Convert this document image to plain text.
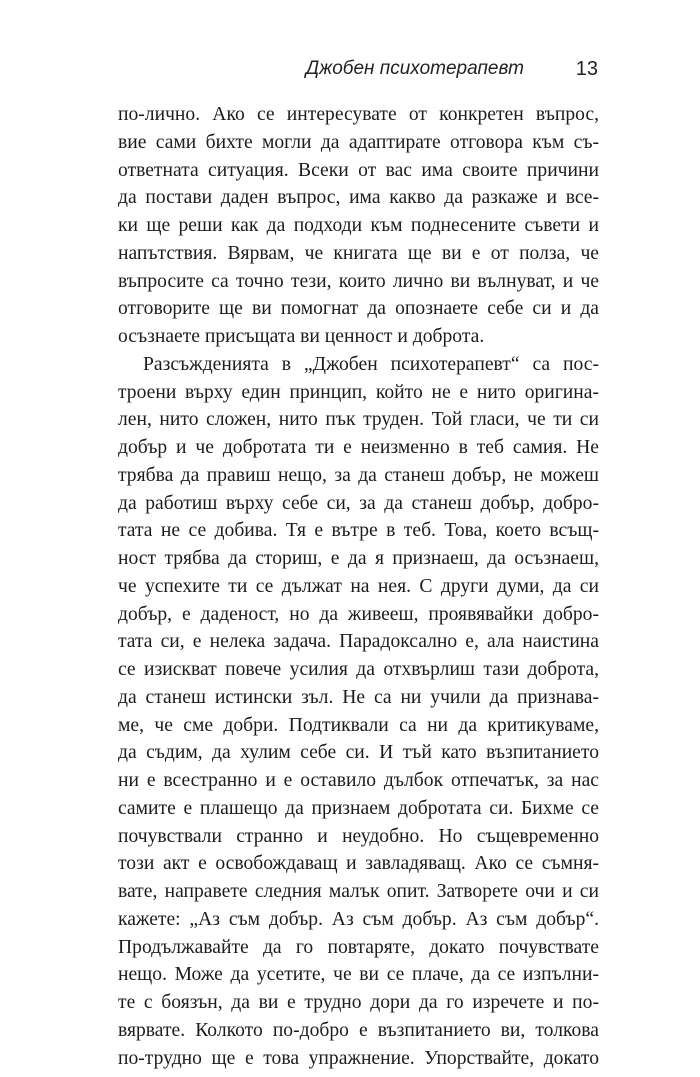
Джобен психотерапевт	13
по-лично. Ако се интересувате от конкретен въпрос,
вие сами бихте могли да адаптирате отговора към съ-
ответната ситуация. Всеки от вас има своите причини
да постави даден въпрос, има какво да разкаже и все-
ки ще реши как да подходи към поднесените съвети и
напътствия. Вярвам, че книгата ще ви е от полза, че
въпросите са точно тези, които лично ви вълнуват, и че
отговорите ще ви помогнат да опознаете себе си и да
осъзнаете присъщата ви ценност и доброта.
Разсъжденията в „Джобен психотерапевт“ са пос-
троени върху един принцип, който не е нито оригина-
лен, нито сложен, нито пък труден. Той гласи, че ти си
добър и че добротата ти е неизменно в теб самия. Не
трябва да правиш нещо, за да станеш добър, не можеш
да работиш върху себе си, за да станеш добър, добро-
тата не се добива. Тя е вътре в теб. Това, което всъщ-
ност трябва да сториш, е да я признаеш, да осъзнаеш,
че успехите ти се дължат на нея. С други думи, да си
добър, е даденост, но да живееш, проявявайки добро-
тата си, е нелека задача. Парадоксално е, ала наистина
се изискват повече усилия да отхвърлиш тази доброта,
да станеш истински зъл. Не са ни учили да признава-
ме, че сме добри. Подтиквали са ни да критикуваме,
да съдим, да хулим себе си. И тъй като възпитанието
ни е всестранно и е оставило дълбок отпечатък, за нас
самите е плашещо да признаем добротата си. Бихме се
почувствали странно и неудобно. Но същевременно
този акт е освобождаващ и завладяващ. Ако се съмня-
вате, направете следния малък опит. Затворете очи и си
кажете: „Аз съм добър. Аз съм добър. Аз съм добър“.
Продължавайте да го повтаряте, докато почувствате
нещо. Може да усетите, че ви се плаче, да се изпълни-
те с боязън, да ви е трудно дори да го изречете и по-
вярвате. Колкото по-добро е възпитанието ви, толкова
по-трудно ще е това упражнение. Упорствайте, докато
